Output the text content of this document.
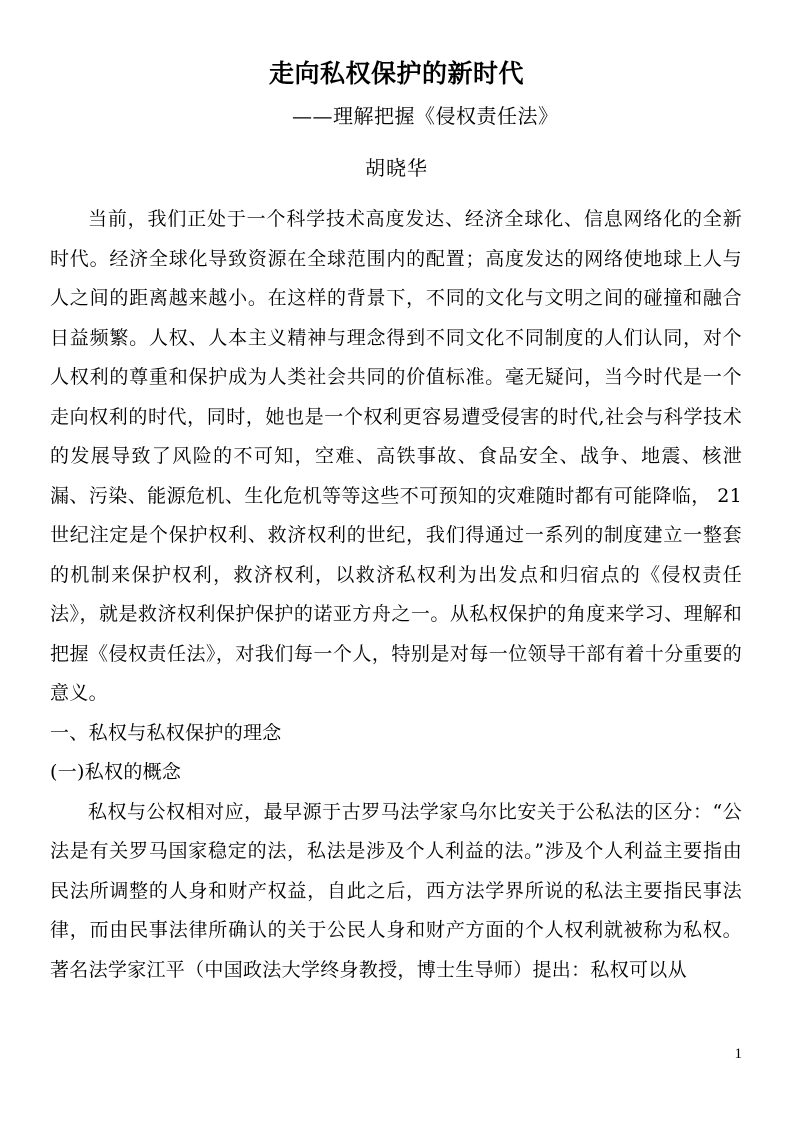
走向私权保护的新时代
——理解把握《侵权责任法》
胡晓华

当前，我们正处于一个科学技术高度发达、经济全球化、信息网络化的全新时代。经济全球化导致资源在全球范围内的配置；高度发达的网络使地球上人与人之间的距离越来越小。在这样的背景下，不同的文化与文明之间的碰撞和融合日益频繁。人权、人本主义精神与理念得到不同文化不同制度的人们认同，对个人权利的尊重和保护成为人类社会共同的价值标准。毫无疑问，当今时代是一个走向权利的时代，同时，她也是一个权利更容易遭受侵害的时代,社会与科学技术的发展导致了风险的不可知，空难、高铁事故、食品安全、战争、地震、核泄漏、污染、能源危机、生化危机等等这些不可预知的灾难随时都有可能降临， 21世纪注定是个保护权利、救济权利的世纪，我们得通过一系列的制度建立一整套的机制来保护权利，救济权利，以救济私权利为出发点和归宿点的《侵权责任法》，就是救济权利保护保护的诺亚方舟之一。从私权保护的角度来学习、理解和把握《侵权责任法》，对我们每一个人，特别是对每一位领导干部有着十分重要的意义。

一、私权与私权保护的理念

(一)私权的概念

私权与公权相对应，最早源于古罗马法学家乌尔比安关于公私法的区分：“公法是有关罗马国家稳定的法，私法是涉及个人利益的法。”涉及个人利益主要指由民法所调整的人身和财产权益，自此之后，西方法学界所说的私法主要指民事法律，而由民事法律所确认的关于公民人身和财产方面的个人权利就被称为私权。著名法学家江平（中国政法大学终身教授，博士生导师）提出：私权可以从

1
